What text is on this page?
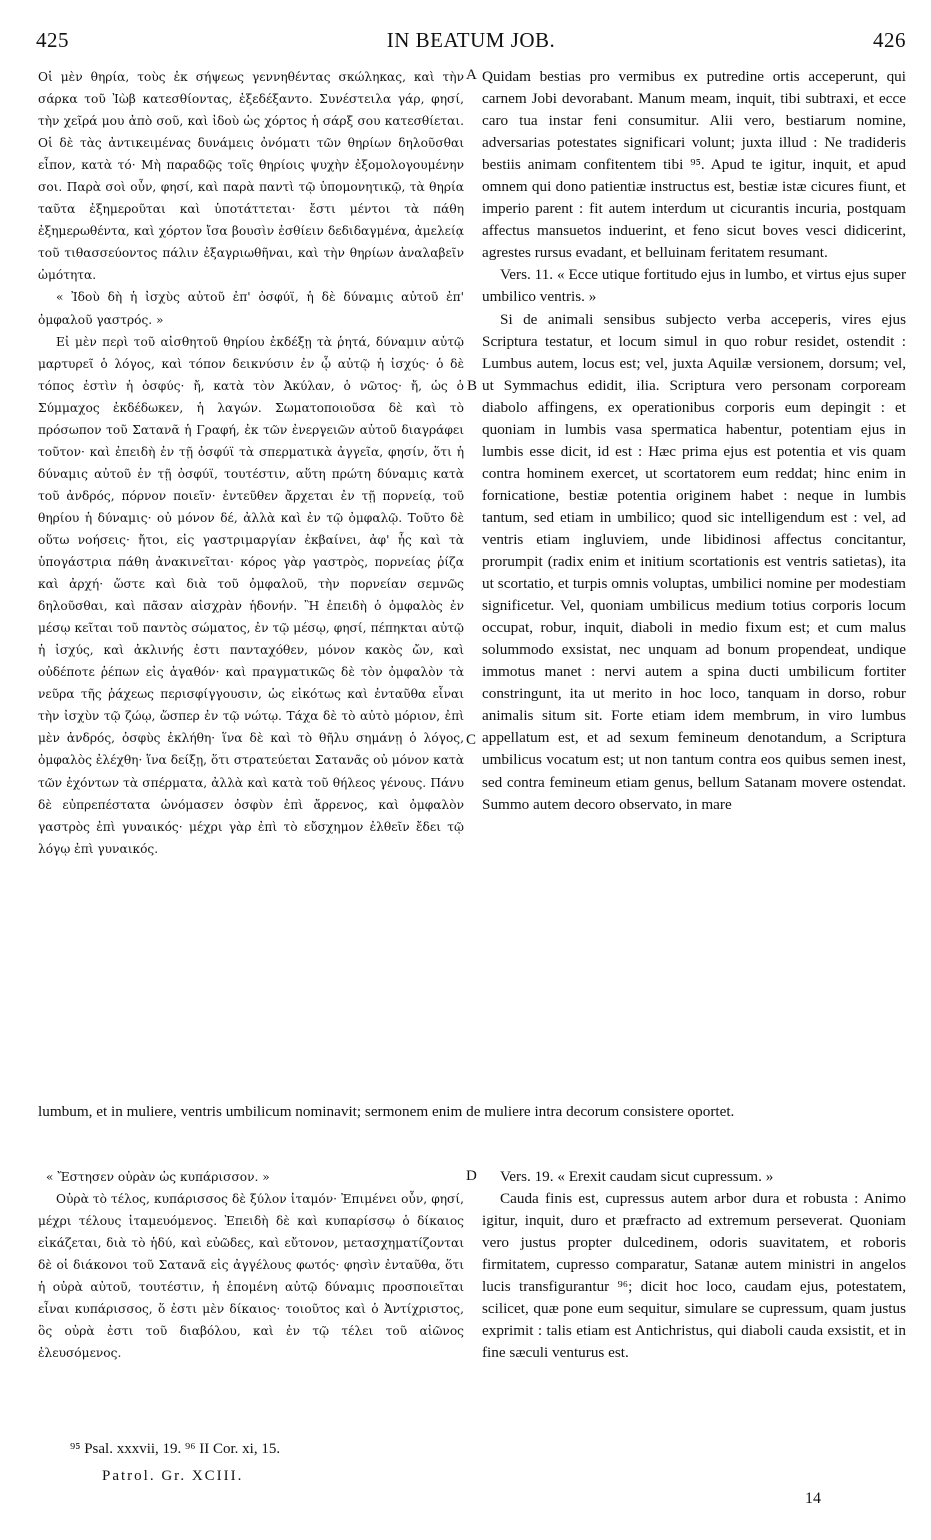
425	IN BEATUM JOB.	426

Οἱ μὲν θηρία, τοὺς ἐκ σήψεως γεννηθέντας σκώληκας, καὶ τὴν σάρκα τοῦ Ἰὼβ κατεσθίοντας, ἐξεδέξαντο. Συνέστειλα γάρ, φησί, τὴν χεῖρά μου ἀπὸ σοῦ, καὶ ἰδοὺ ὡς χόρτος ἡ σάρξ σου κατεσθίεται. Οἱ δὲ τὰς ἀντικειμένας δυνάμεις ὀνόματι τῶν θηρίων δηλοῦσθαι εἶπον, κατὰ τό· Μὴ παραδῷς τοῖς θηρίοις ψυχὴν ἐξομολογουμένην σοι. Παρὰ σοὶ οὖν, φησί, καὶ παρὰ παντὶ τῷ ὑπομονητικῷ, τὰ θηρία ταῦτα ἐξημεροῦται καὶ ὑποτάττεται· ἔστι μέντοι τὰ πάθη ἐξημερωθέντα, καὶ χόρτον ἴσα βουσὶν ἐσθίειν δεδιδαγμένα, ἀμελείᾳ τοῦ τιθασσεύοντος πάλιν ἐξαγριωθῆναι, καὶ τὴν θηρίων ἀναλαβεῖν ὠμότητα.

« Ἰδοὺ δὴ ἡ ἰσχὺς αὐτοῦ ἐπ' ὀσφύϊ, ἡ δὲ δύναμις αὐτοῦ ἐπ' ὀμφαλοῦ γαστρός. »

Εἰ μὲν περὶ τοῦ αἰσθητοῦ θηρίου ἐκδέξῃ τὰ ῥητά, δύναμιν αὐτῷ μαρτυρεῖ ὁ λόγος, καὶ τόπον δεικνύσιν ἐν ᾧ αὐτῷ ἡ ἰσχύς· ὁ δὲ τόπος ἐστὶν ἡ ὀσφύς· ἤ, κατὰ τὸν Ἀκύλαν, ὁ νῶτος· ἤ, ὡς ὁ Σύμμαχος ἐκδέδωκεν, ἡ λαγών. Σωματοποιοῦσα δὲ καὶ τὸ πρόσωπον τοῦ Σατανᾶ ἡ Γραφή, ἐκ τῶν ἐνεργειῶν αὐτοῦ διαγράφει τοῦτον· καὶ ἐπειδὴ ἐν τῇ ὀσφύϊ τὰ σπερματικὰ ἀγγεῖα, φησίν, ὅτι ἡ δύναμις αὐτοῦ ἐν τῇ ὀσφύϊ, τουτέστιν, αὕτη πρώτη δύναμις κατὰ τοῦ ἀνδρός, πόρνον ποιεῖν· ἐντεῦθεν ἄρχεται ἐν τῇ πορνείᾳ, τοῦ θηρίου ἡ δύναμις· οὐ μόνον δέ, ἀλλὰ καὶ ἐν τῷ ὀμφαλῷ. Τοῦτο δὲ οὕτω νοήσεις· ἤτοι, εἰς γαστριμαργίαν ἐκβαίνει, ἀφ' ἧς καὶ τὰ ὑπογάστρια πάθη ἀνακινεῖται· κόρος γὰρ γαστρὸς, πορνείας ῥίζα καὶ ἀρχή· ὥστε καὶ διὰ τοῦ ὀμφαλοῦ, τὴν πορνείαν σεμνῶς δηλοῦσθαι, καὶ πᾶσαν αἰσχρὰν ἡδονήν. Ἢ ἐπειδὴ ὁ ὀμφαλὸς ἐν μέσῳ κεῖται τοῦ παντὸς σώματος, ἐν τῷ μέσῳ, φησί, πέπηκται αὐτῷ ἡ ἰσχύς, καὶ ἀκλινής ἐστι πανταχόθεν, μόνον κακὸς ὤν, καὶ οὐδέποτε ῥέπων εἰς ἀγαθόν· καὶ πραγματικῶς δὲ τὸν ὀμφαλὸν τὰ νεῦρα τῆς ῥάχεως περισφίγγουσιν, ὡς εἰκότως καὶ ἐνταῦθα εἶναι τὴν ἰσχὺν τῷ ζώῳ, ὥσπερ ἐν τῷ νώτῳ. Τάχα δὲ τὸ αὐτὸ μόριον, ἐπὶ μὲν ἀνδρός, ὀσφὺς ἐκλήθη· ἵνα δὲ καὶ τὸ θῆλυ σημάνῃ ὁ λόγος, ὀμφαλὸς ἐλέχθη· ἵνα δείξῃ, ὅτι στρατεύεται Σατανᾶς οὐ μόνον κατὰ τῶν ἐχόντων τὰ σπέρματα, ἀλλὰ καὶ κατὰ τοῦ θήλεος γένους. Πάνυ δὲ εὐπρεπέστατα ὠνόμασεν ὀσφὺν ἐπὶ ἄρρενος, καὶ ὀμφαλὸν γαστρὸς ἐπὶ γυναικός· μέχρι γὰρ ἐπὶ τὸ εὔσχημον ἐλθεῖν ἔδει τῷ λόγῳ ἐπὶ γυναικός.

Quidam bestias pro vermibus ex putredine ortis acceperunt, qui carnem Jobi devorabant. Manum meam, inquit, tibi subtraxi, et ecce caro tua instar feni consumitur. Alii vero, bestiarum nomine, adversarias potestates significari volunt; juxta illud : Ne tradideris bestiis animam confitentem tibi ⁹⁵. Apud te igitur, inquit, et apud omnem qui dono patientiæ instructus est, bestiæ istæ cicures fiunt, et imperio parent : fit autem interdum ut cicurantis incuria, postquam affectus mansuetos induerint, et feno sicut boves vesci didicerint, agrestes rursus evadant, et belluinam feritatem resumant.

Vers. 11. « Ecce utique fortitudo ejus in lumbo, et virtus ejus super umbilico ventris. »

Si de animali sensibus subjecto verba acceperis, vires ejus Scriptura testatur, et locum simul in quo robur residet, ostendit : Lumbus autem, locus est; vel, juxta Aquilæ versionem, dorsum; vel, ut Symmachus edidit, ilia. Scriptura vero personam corpoream diabolo affingens, ex operationibus corporis eum depingit : et quoniam in lumbis vasa spermatica habentur, potentiam ejus in lumbis esse dicit, id est : Hæc prima ejus est potentia et vis quam contra hominem exercet, ut scortatorem eum reddat; hinc enim in fornicatione, bestiæ potentia originem habet : neque in lumbis tantum, sed etiam in umbilico; quod sic intelligendum est : vel, ad ventris etiam ingluviem, unde libidinosi affectus concitantur, prorumpit (radix enim et initium scortationis est ventris satietas), ita ut scortatio, et turpis omnis voluptas, umbilici nomine per modestiam significetur. Vel, quoniam umbilicus medium totius corporis locum occupat, robur, inquit, diaboli in medio fixum est; et cum malus solummodo exsistat, nec unquam ad bonum propendeat, undique immotus manet : nervi autem a spina ducti umbilicum fortiter constringunt, ita ut merito in hoc loco, tanquam in dorso, robur animalis situm sit. Forte etiam idem membrum, in viro lumbus appellatum est, et ad sexum femineum denotandum, a Scriptura umbilicus vocatum est; ut non tantum contra eos quibus semen inest, sed contra femineum etiam genus, bellum Satanam movere ostendat. Summo autem decoro observato, in mare

A
B
C
D
lumbum, et in muliere, ventris umbilicum nominavit; sermonem enim de muliere intra decorum consistere oportet.

« Ἔστησεν οὐρὰν ὡς κυπάρισσον. »

Οὐρὰ τὸ τέλος, κυπάρισσος δὲ ξύλον ἰταμόν· Ἐπιμένει οὖν, φησί, μέχρι τέλους ἰταμευόμενος. Ἐπειδὴ δὲ καὶ κυπαρίσσῳ ὁ δίκαιος εἰκάζεται, διὰ τὸ ἡδύ, καὶ εὐῶδες, καὶ εὔτονον, μετασχηματίζονται δὲ οἱ διάκονοι τοῦ Σατανᾶ εἰς ἀγγέλους φωτός· φησὶν ἐνταῦθα, ὅτι ἡ οὐρὰ αὐτοῦ, τουτέστιν, ἡ ἑπομένη αὐτῷ δύναμις προσποιεῖται εἶναι κυπάρισσος, ὅ ἐστι μὲν δίκαιος· τοιοῦτος καὶ ὁ Ἀντίχριστος, ὃς οὐρὰ ἐστι τοῦ διαβόλου, καὶ ἐν τῷ τέλει τοῦ αἰῶνος ἐλευσόμενος.

Vers. 19. « Erexit caudam sicut cupressum. »

Cauda finis est, cupressus autem arbor dura et robusta : Animo igitur, inquit, duro et præfracto ad extremum perseverat. Quoniam vero justus propter dulcedinem, odoris suavitatem, et roboris firmitatem, cupresso comparatur, Satanæ autem ministri in angelos lucis transfigurantur ⁹⁶; dicit hoc loco, caudam ejus, potestatem, scilicet, quæ pone eum sequitur, simulare se cupressum, quam justus exprimit : talis etiam est Antichristus, qui diaboli cauda exsistit, et in fine sæculi venturus est.

⁹⁵ Psal. xxxvii, 19. ⁹⁶ II Cor. xi, 15.
Patrol. Gr. XCIII.
14
